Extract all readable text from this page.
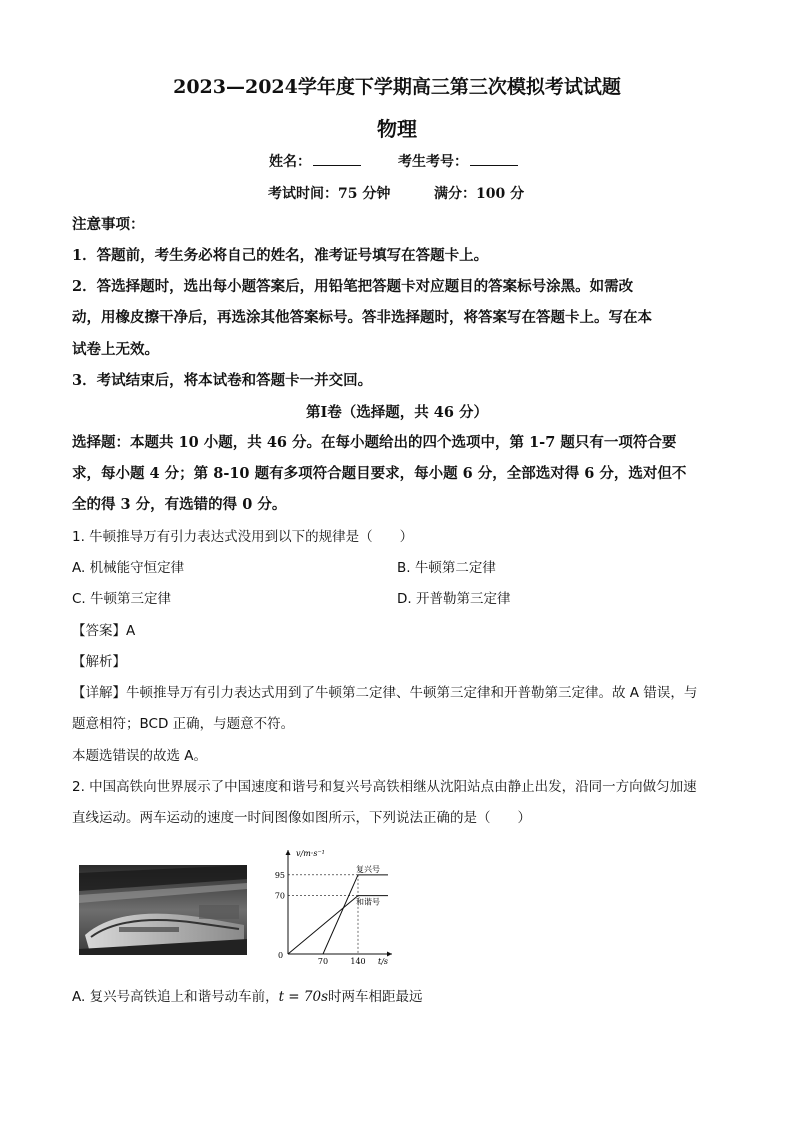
2023—2024学年度下学期高三第三次模拟考试试题
物理
姓名：	考生考号：
考试时间：75 分钟	满分：100 分
注意事项：
1．答题前，考生务必将自己的姓名，准考证号填写在答题卡上。
2．答选择题时，选出每小题答案后，用铅笔把答题卡对应题目的答案标号涂黑。如需改
动，用橡皮擦干净后，再选涂其他答案标号。答非选择题时，将答案写在答题卡上。写在本
试卷上无效。
3．考试结束后，将本试卷和答题卡一并交回。
第Ⅰ卷（选择题，共 46 分）
选择题：本题共 10 小题，共 46 分。在每小题给出的四个选项中，第 1-7 题只有一项符合要
求，每小题 4 分；第 8-10 题有多项符合题目要求，每小题 6 分，全部选对得 6 分，选对但不
全的得 3 分，有选错的得 0 分。
1. 牛顿推导万有引力表达式没用到以下的规律是（　　）
A. 机械能守恒定律	B. 牛顿第二定律
C. 牛顿第三定律	D. 开普勒第三定律
【答案】A
【解析】
【详解】牛顿推导万有引力表达式用到了牛顿第二定律、牛顿第三定律和开普勒第三定律。故 A 错误，与
题意相符；BCD 正确，与题意不符。
本题选错误的故选 A。
2. 中国高铁向世界展示了中国速度和谐号和复兴号高铁相继从沈阳站点由静止出发，沿同一方向做匀加速
直线运动。两车运动的速度一时间图像如图所示，下列说法正确的是（　　）
v/m·s⁻¹
t/s
0
70	140
70
95
复兴号
和谐号
A. 复兴号高铁追上和谐号动车前，t = 70s时两车相距最远
